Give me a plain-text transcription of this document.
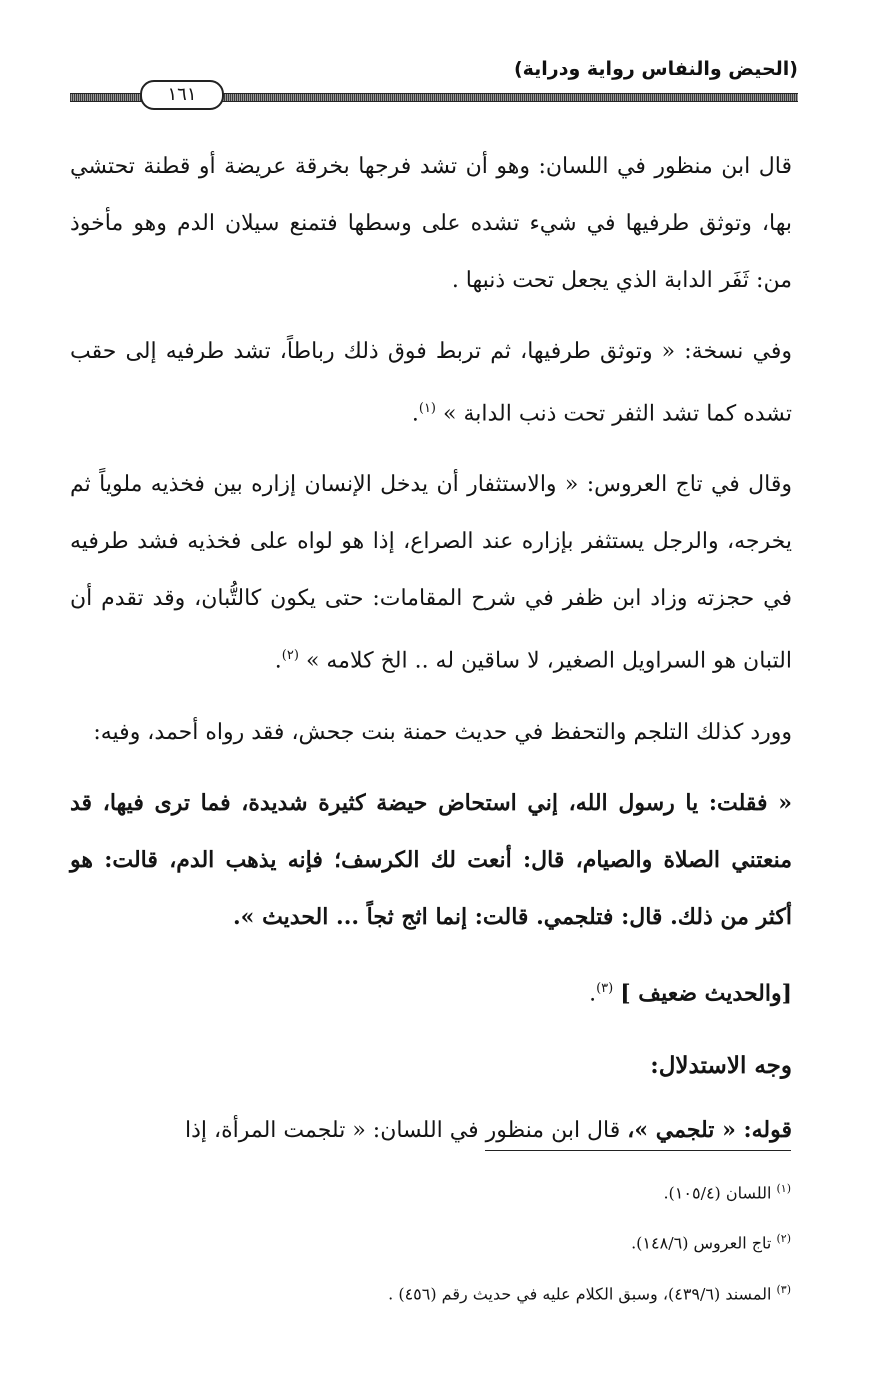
(الحيض والنفاس رواية ودراية)
١٦١

قال ابن منظور في اللسان: وهو أن تشد فرجها بخرقة عريضة أو قطنة تحتشي بها، وتوثق طرفيها في شيء تشده على وسطها فتمنع سيلان الدم وهو مأخوذ من: ثَفَر الدابة الذي يجعل تحت ذنبها .

وفي نسخة: « وتوثق طرفيها، ثم تربط فوق ذلك رباطاً، تشد طرفيه إلى حقب تشده كما تشد الثفر تحت ذنب الدابة » $^{(١)}$.

وقال في تاج العروس: « والاستثفار أن يدخل الإنسان إزاره بين فخذيه ملوياً ثم يخرجه، والرجل يستثفر بإزاره عند الصراع، إذا هو لواه على فخذيه فشد طرفيه في حجزته وزاد ابن ظفر في شرح المقامات: حتى يكون كالتُّبان، وقد تقدم أن التبان هو السراويل الصغير، لا ساقين له .. الخ كلامه » $^{(٢)}$.

وورد كذلك التلجم والتحفظ في حديث حمنة بنت جحش، فقد رواه أحمد، وفيه:

« فقلت: يا رسول الله، إني استحاض حيضة كثيرة شديدة، فما ترى فيها، قد منعتني الصلاة والصيام، قال: أنعت لك الكرسف؛ فإنه يذهب الدم، قالت: هو أكثر من ذلك. قال: فتلجمي. قالت: إنما اثج ثجاً ... الحديث ».

[والحديث ضعيف ] $^{(٣)}$.

وجه الاستدلال:

قوله: « تلجمي »، قال ابن منظور في اللسان: « تلجمت المرأة، إذا

$^{(١)}$ اللسان (١٠٥/٤).

$^{(٢)}$ تاج العروس (١٤٨/٦).

$^{(٣)}$ المسند (٤٣٩/٦)، وسبق الكلام عليه في حديث رقم (٤٥٦) .
